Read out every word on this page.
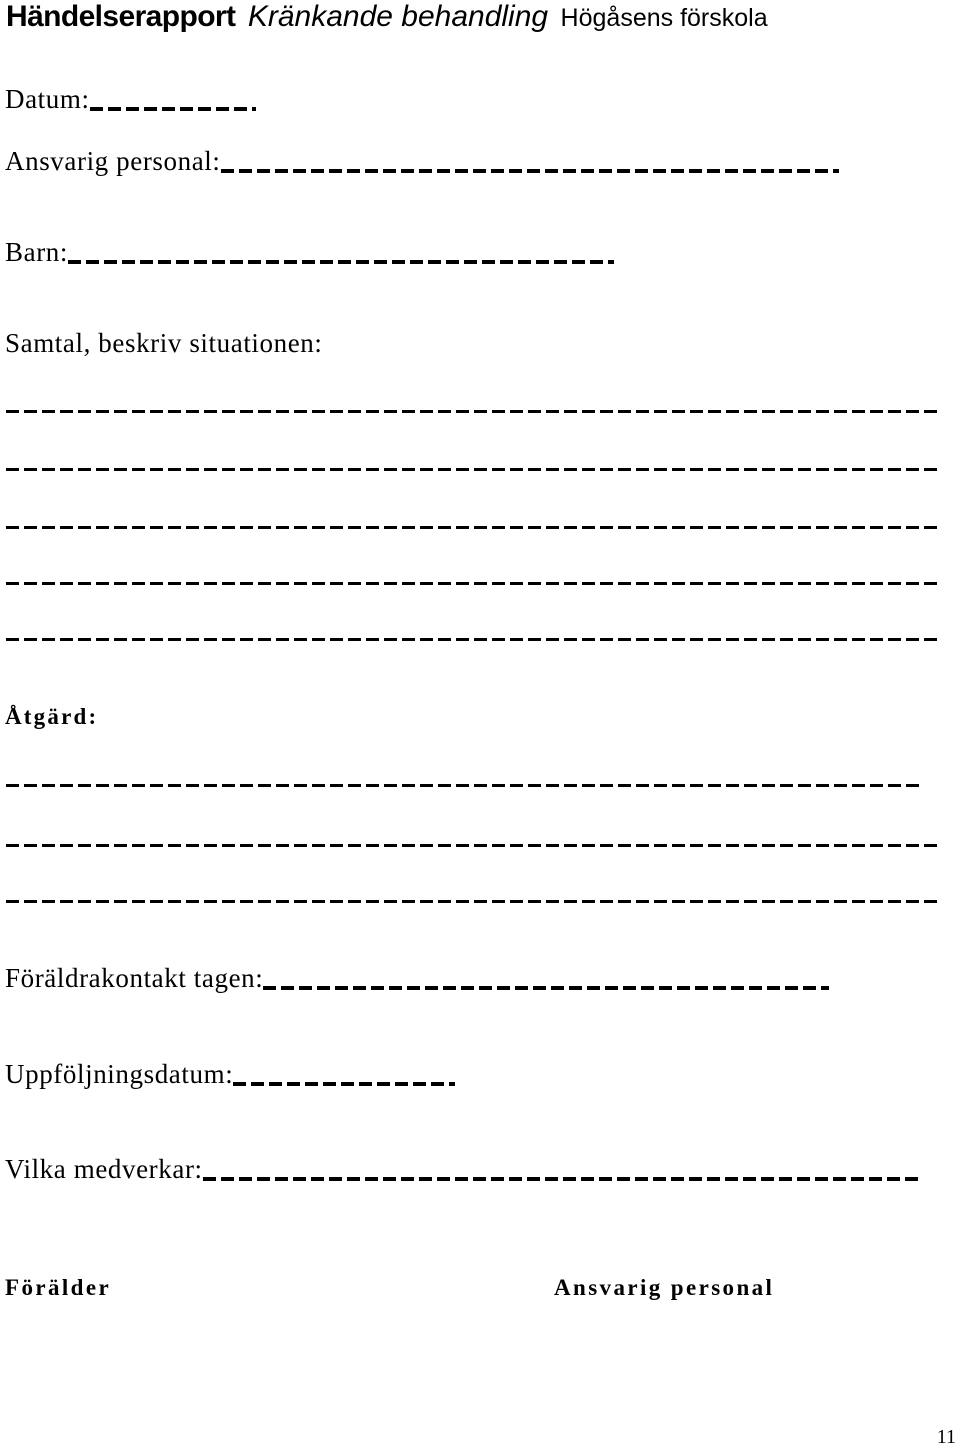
Händelserapport Kränkande behandling Högåsens förskola
Datum:
Ansvarig personal:
Barn:
Samtal, beskriv situationen:
Åtgärd:
Föräldrakontakt tagen:
Uppföljningsdatum:
Vilka medverkar:
Förälder	Ansvarig personal
11
